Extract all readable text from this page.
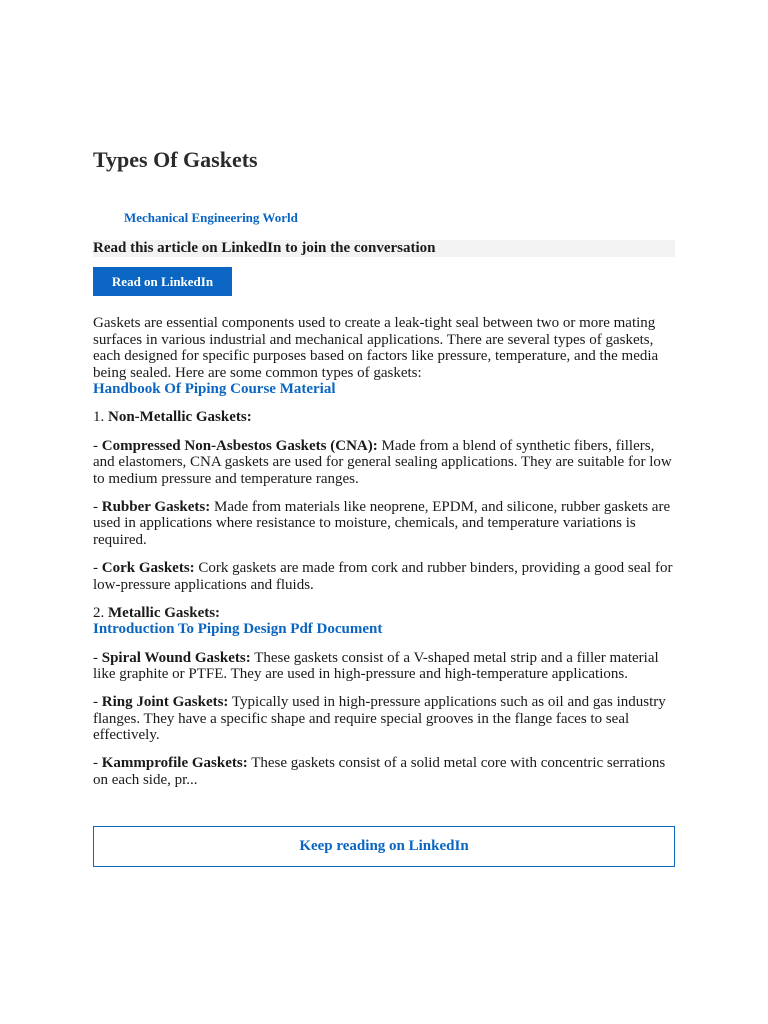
Types Of Gaskets
Mechanical Engineering World
Read this article on LinkedIn to join the conversation
Read on LinkedIn

Gaskets are essential components used to create a leak-tight seal between two or more mating surfaces in various industrial and mechanical applications. There are several types of gaskets, each designed for specific purposes based on factors like pressure, temperature, and the media being sealed. Here are some common types of gaskets:

Handbook Of Piping Course Material

1. Non-Metallic Gaskets:

- Compressed Non-Asbestos Gaskets (CNA): Made from a blend of synthetic fibers, fillers, and elastomers, CNA gaskets are used for general sealing applications. They are suitable for low to medium pressure and temperature ranges.

- Rubber Gaskets: Made from materials like neoprene, EPDM, and silicone, rubber gaskets are used in applications where resistance to moisture, chemicals, and temperature variations is required.

- Cork Gaskets: Cork gaskets are made from cork and rubber binders, providing a good seal for low-pressure applications and fluids.

2. Metallic Gaskets:

Introduction To Piping Design Pdf Document

- Spiral Wound Gaskets: These gaskets consist of a V-shaped metal strip and a filler material like graphite or PTFE. They are used in high-pressure and high-temperature applications.

- Ring Joint Gaskets: Typically used in high-pressure applications such as oil and gas industry flanges. They have a specific shape and require special grooves in the flange faces to seal effectively.

- Kammprofile Gaskets: These gaskets consist of a solid metal core with concentric serrations on each side, pr...

Keep reading on LinkedIn
